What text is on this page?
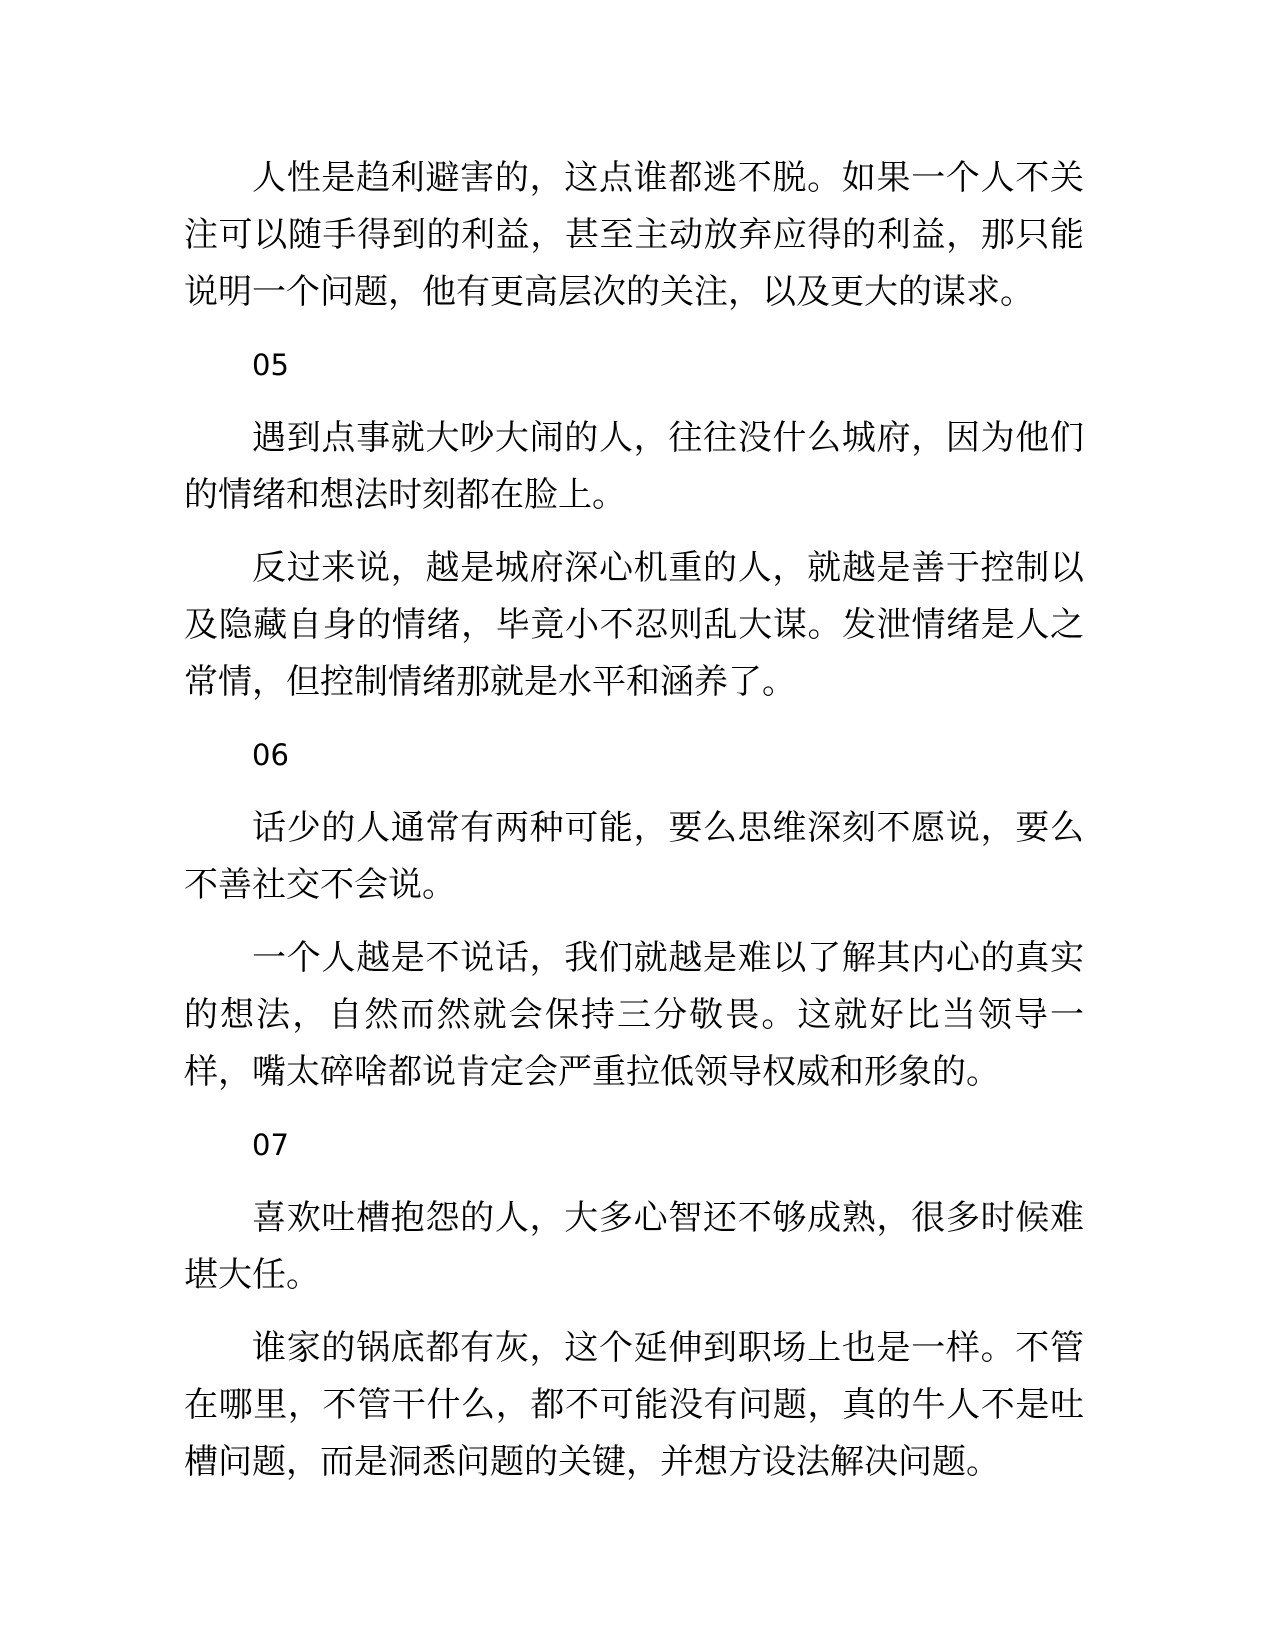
人性是趋利避害的，这点谁都逃不脱。如果一个人不关注可以随手得到的利益，甚至主动放弃应得的利益，那只能说明一个问题，他有更高层次的关注，以及更大的谋求。

05

遇到点事就大吵大闹的人，往往没什么城府，因为他们的情绪和想法时刻都在脸上。

反过来说，越是城府深心机重的人，就越是善于控制以及隐藏自身的情绪，毕竟小不忍则乱大谋。发泄情绪是人之常情，但控制情绪那就是水平和涵养了。

06

话少的人通常有两种可能，要么思维深刻不愿说，要么不善社交不会说。

一个人越是不说话，我们就越是难以了解其内心的真实的想法，自然而然就会保持三分敬畏。这就好比当领导一样，嘴太碎啥都说肯定会严重拉低领导权威和形象的。

07

喜欢吐槽抱怨的人，大多心智还不够成熟，很多时候难堪大任。

谁家的锅底都有灰，这个延伸到职场上也是一样。不管在哪里，不管干什么，都不可能没有问题，真的牛人不是吐槽问题，而是洞悉问题的关键，并想方设法解决问题。
